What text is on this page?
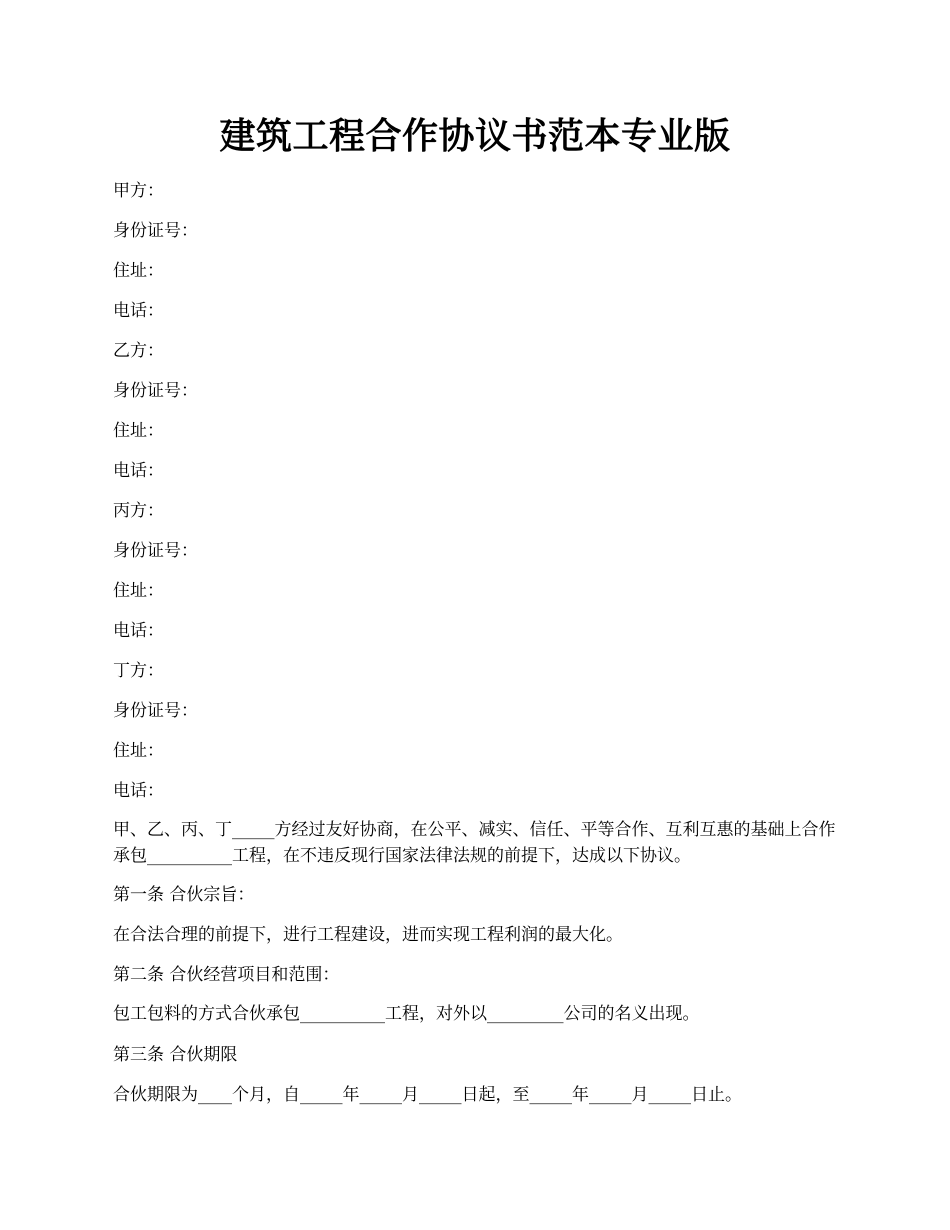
建筑工程合作协议书范本专业版
甲方：
身份证号：
住址：
电话：
乙方：
身份证号：
住址：
电话：
丙方：
身份证号：
住址：
电话：
丁方：
身份证号：
住址：
电话：
甲、乙、丙、丁_____方经过友好协商，在公平、减实、信任、平等合作、互利互惠的基础上合作承包__________工程，在不违反现行国家法律法规的前提下，达成以下协议。
第一条 合伙宗旨：
在合法合理的前提下，进行工程建设，进而实现工程利润的最大化。
第二条 合伙经营项目和范围：
包工包料的方式合伙承包__________工程，对外以_________公司的名义出现。
第三条 合伙期限
合伙期限为____个月，自_____年_____月_____日起，至_____年_____月_____日止。
